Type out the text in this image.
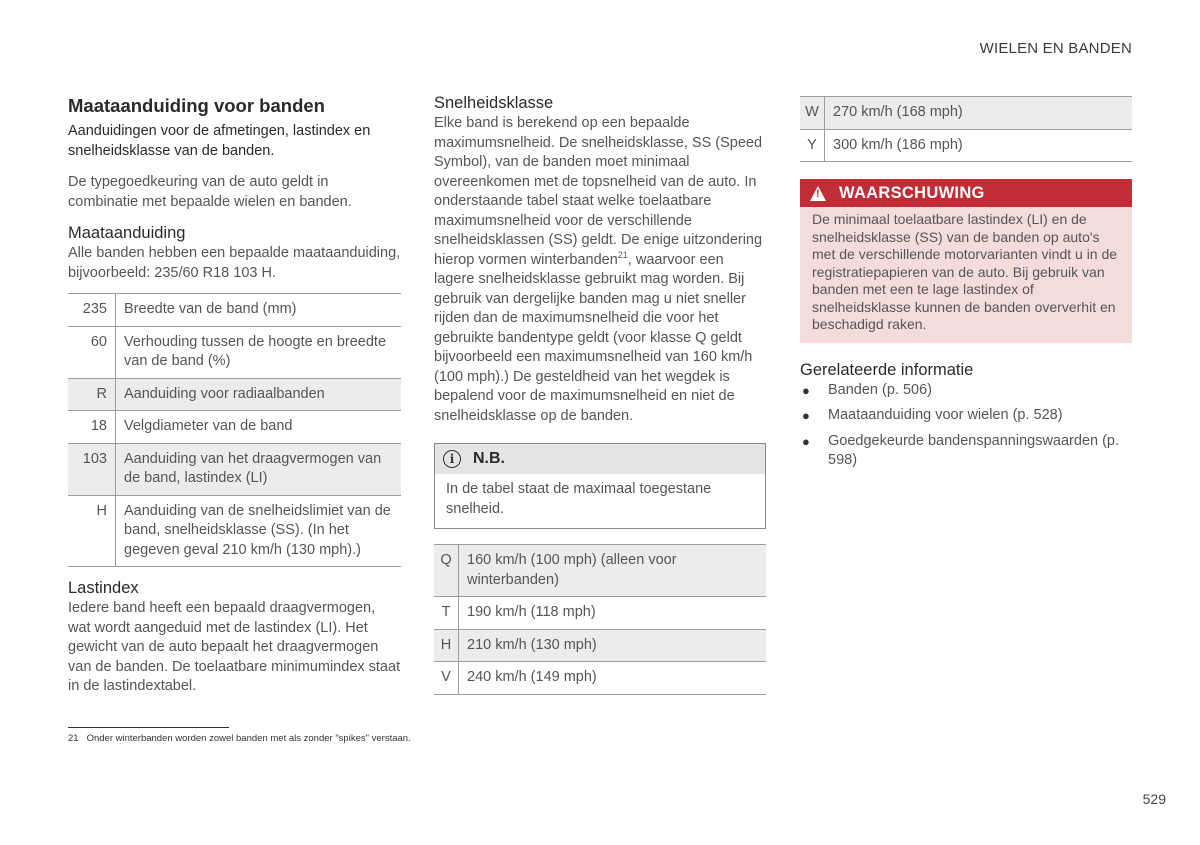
WIELEN EN BANDEN
Maataanduiding voor banden

Aanduidingen voor de afmetingen, lastindex en snelheidsklasse van de banden.

De typegoedkeuring van de auto geldt in combinatie met bepaalde wielen en banden.

Maataanduiding

Alle banden hebben een bepaalde maataanduiding, bijvoorbeeld: 235/60 R18 103 H.

235	Breedte van de band (mm)
60	Verhouding tussen de hoogte en breedte van de band (%)
R	Aanduiding voor radiaalbanden
18	Velgdiameter van de band
103	Aanduiding van het draagvermogen van de band, lastindex (LI)
H	Aanduiding van de snelheidslimiet van de band, snelheidsklasse (SS). (In het gegeven geval 210 km/h (130 mph).)
Lastindex

Iedere band heeft een bepaald draagvermogen, wat wordt aangeduid met de lastindex (LI). Het gewicht van de auto bepaalt het draagvermogen van de banden. De toelaatbare minimumindex staat in de lastindextabel.

Snelheidsklasse

Elke band is berekend op een bepaalde maximumsnelheid. De snelheidsklasse, SS (Speed Symbol), van de banden moet minimaal overeenkomen met de topsnelheid van de auto. In onderstaande tabel staat welke toelaatbare maximumsnelheid voor de verschillende snelheidsklassen (SS) geldt. De enige uitzondering hierop vormen winterbanden$^{21}$, waarvoor een lagere snelheidsklasse gebruikt mag worden. Bij gebruik van dergelijke banden mag u niet sneller rijden dan de maximumsnelheid die voor het gebruikte bandentype geldt (voor klasse Q geldt bijvoorbeeld een maximumsnelheid van 160 km/h (100 mph).) De gesteldheid van het wegdek is bepalend voor de maximumsnelheid en niet de snelheidsklasse op de banden.

i	N.B.
In de tabel staat de maximaal toegestane snelheid.
Q	160 km/h (100 mph) (alleen voor winterbanden)
T	190 km/h (118 mph)
H	210 km/h (130 mph)
V	240 km/h (149 mph)
W	270 km/h (168 mph)
Y	300 km/h (186 mph)
! WAARSCHUWING
De minimaal toelaatbare lastindex (LI) en de snelheidsklasse (SS) van de banden op auto's met de verschillende motorvarianten vindt u in de registratiepapieren van de auto. Bij gebruik van banden met een te lage lastindex of snelheidsklasse kunnen de banden oververhit en beschadigd raken.
Gerelateerde informatie
● Banden (p. 506)
● Maataanduiding voor wielen (p. 528)
● Goedgekeurde bandenspanningswaarden (p. 598)
21 Onder winterbanden worden zowel banden met als zonder "spikes" verstaan.
529
